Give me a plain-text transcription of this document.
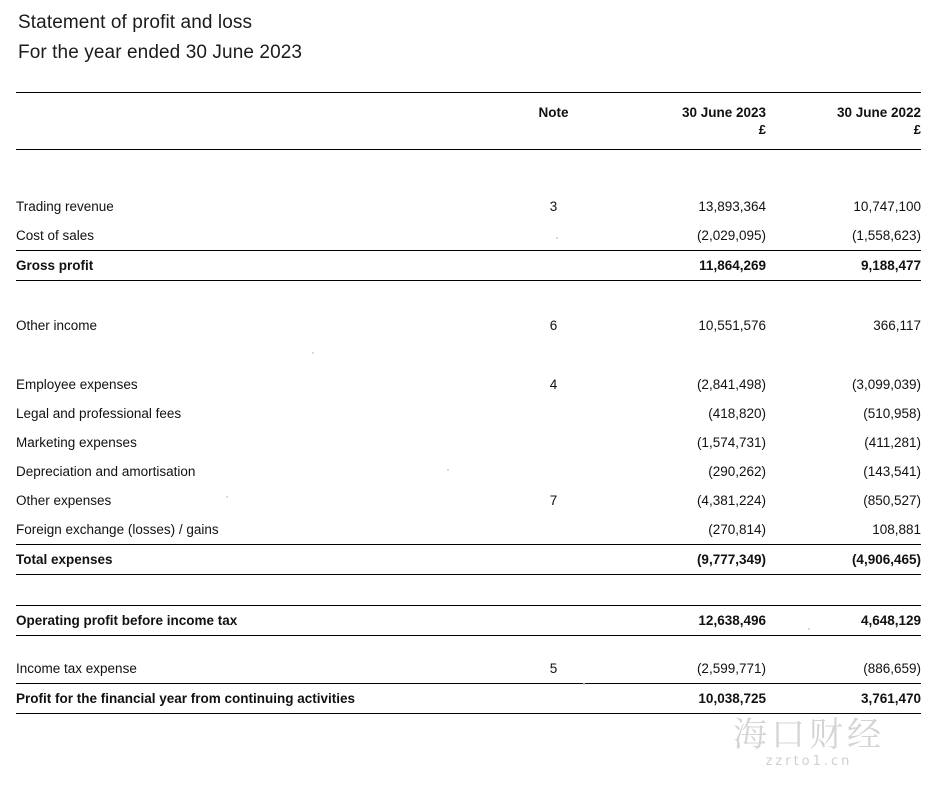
Statement of profit and loss
For the year ended 30 June 2023

	Note	30 June 2023	30 June 2022
		£	£

Trading revenue	3	13,893,364	10,747,100
Cost of sales		(2,029,095)	(1,558,623)
Gross profit		11,864,269	9,188,477

Other income	6	10,551,576	366,117

Employee expenses	4	(2,841,498)	(3,099,039)
Legal and professional fees		(418,820)	(510,958)
Marketing expenses		(1,574,731)	(411,281)
Depreciation and amortisation		(290,262)	(143,541)
Other expenses	7	(4,381,224)	(850,527)
Foreign exchange (losses) / gains		(270,814)	108,881
Total expenses		(9,777,349)	(4,906,465)

Operating profit before income tax		12,638,496	4,648,129

Income tax expense	5	(2,599,771)	(886,659)
Profit for the financial year from continuing activities		10,038,725	3,761,470
海口财经
zzrto1.cn
